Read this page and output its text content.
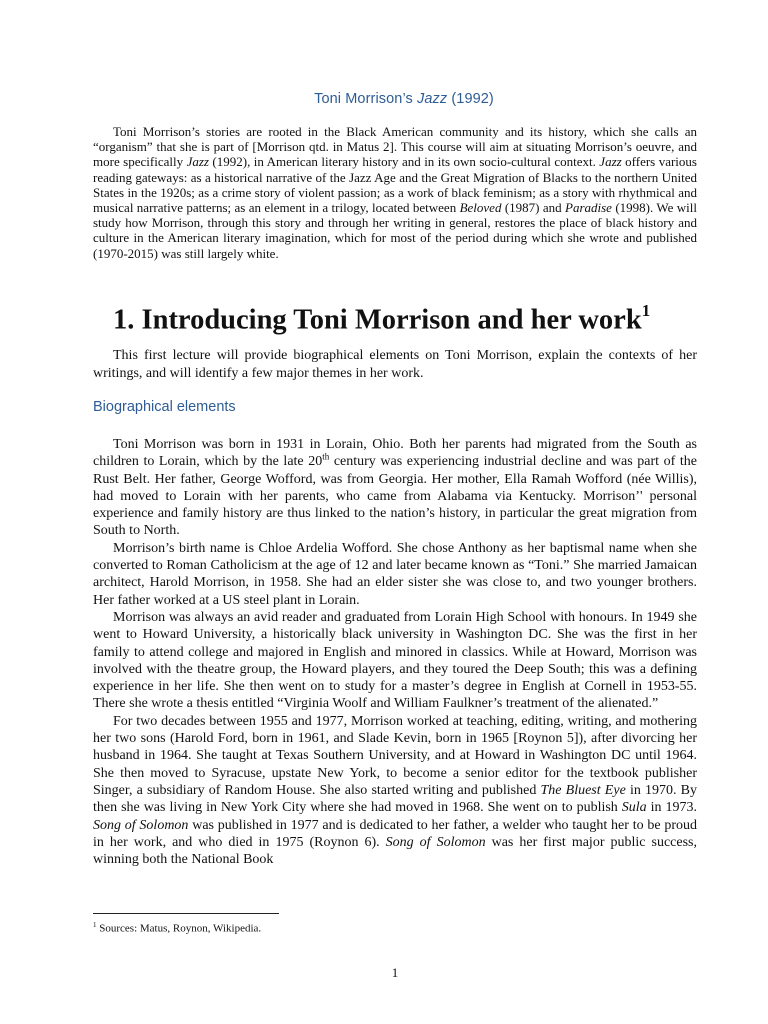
Toni Morrison’s Jazz (1992)

Toni Morrison’s stories are rooted in the Black American community and its history, which she calls an “organism” that she is part of [Morrison qtd. in Matus 2]. This course will aim at situating Morrison’s oeuvre, and more specifically Jazz (1992), in American literary history and in its own socio-cultural context. Jazz offers various reading gateways: as a historical narrative of the Jazz Age and the Great Migration of Blacks to the northern United States in the 1920s; as a crime story of violent passion; as a work of black feminism; as a story with rhythmical and musical narrative patterns; as an element in a trilogy, located between Beloved (1987) and Paradise (1998). We will study how Morrison, through this story and through her writing in general, restores the place of black history and culture in the American literary imagination, which for most of the period during which she wrote and published (1970-2015) was still largely white.

1. Introducing Toni Morrison and her work$^1$

This first lecture will provide biographical elements on Toni Morrison, explain the contexts of her writings, and will identify a few major themes in her work.

Biographical elements

Toni Morrison was born in 1931 in Lorain, Ohio. Both her parents had migrated from the South as children to Lorain, which by the late 20th century was experiencing industrial decline and was part of the Rust Belt. Her father, George Wofford, was from Georgia. Her mother, Ella Ramah Wofford (née Willis), had moved to Lorain with her parents, who came from Alabama via Kentucky. Morrison’' personal experience and family history are thus linked to the nation’s history, in particular the great migration from South to North.

Morrison’s birth name is Chloe Ardelia Wofford. She chose Anthony as her baptismal name when she converted to Roman Catholicism at the age of 12 and later became known as “Toni.” She married Jamaican architect, Harold Morrison, in 1958. She had an elder sister she was close to, and two younger brothers. Her father worked at a US steel plant in Lorain.

Morrison was always an avid reader and graduated from Lorain High School with honours. In 1949 she went to Howard University, a historically black university in Washington DC. She was the first in her family to attend college and majored in English and minored in classics. While at Howard, Morrison was involved with the theatre group, the Howard players, and they toured the Deep South; this was a defining experience in her life. She then went on to study for a master’s degree in English at Cornell in 1953-55. There she wrote a thesis entitled “Virginia Woolf and William Faulkner’s treatment of the alienated.”

For two decades between 1955 and 1977, Morrison worked at teaching, editing, writing, and mothering her two sons (Harold Ford, born in 1961, and Slade Kevin, born in 1965 [Roynon 5]), after divorcing her husband in 1964. She taught at Texas Southern University, and at Howard in Washington DC until 1964. She then moved to Syracuse, upstate New York, to become a senior editor for the textbook publisher Singer, a subsidiary of Random House. She also started writing and published The Bluest Eye in 1970. By then she was living in New York City where she had moved in 1968. She went on to publish Sula in 1973. Song of Solomon was published in 1977 and is dedicated to her father, a welder who taught her to be proud in her work, and who died in 1975 (Roynon 6). Song of Solomon was her first major public success, winning both the National Book

$^1$ Sources: Matus, Roynon, Wikipedia.
1
